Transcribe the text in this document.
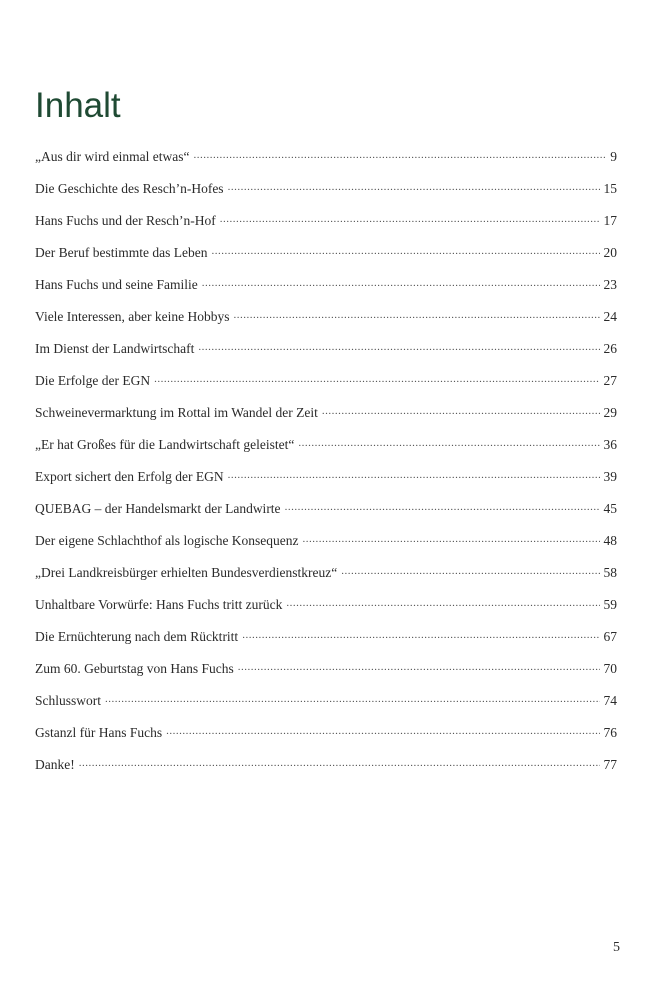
Inhalt
„Aus dir wird einmal etwas“ .....	9
Die Geschichte des Resch’n-Hofes .....	15
Hans Fuchs und der Resch’n-Hof .....	17
Der Beruf bestimmte das Leben .....	20
Hans Fuchs und seine Familie .....	23
Viele Interessen, aber keine Hobbys .....	24
Im Dienst der Landwirtschaft .....	26
Die Erfolge der EGN .....	27
Schweinevermarktung im Rottal im Wandel der Zeit .....	29
„Er hat Großes für die Landwirtschaft geleistet“ .....	36
Export sichert den Erfolg der EGN .....	39
QUEBAG – der Handelsmarkt der Landwirte .....	45
Der eigene Schlachthof als logische Konsequenz .....	48
„Drei Landkreisbürger erhielten Bundesverdienstkreuz“ .....	58
Unhaltbare Vorwürfe: Hans Fuchs tritt zurück .....	59
Die Ernüchterung nach dem Rücktritt .....	67
Zum 60. Geburtstag von Hans Fuchs .....	70
Schlusswort .....	74
Gstanzl für Hans Fuchs .....	76
Danke! .....	77
5
